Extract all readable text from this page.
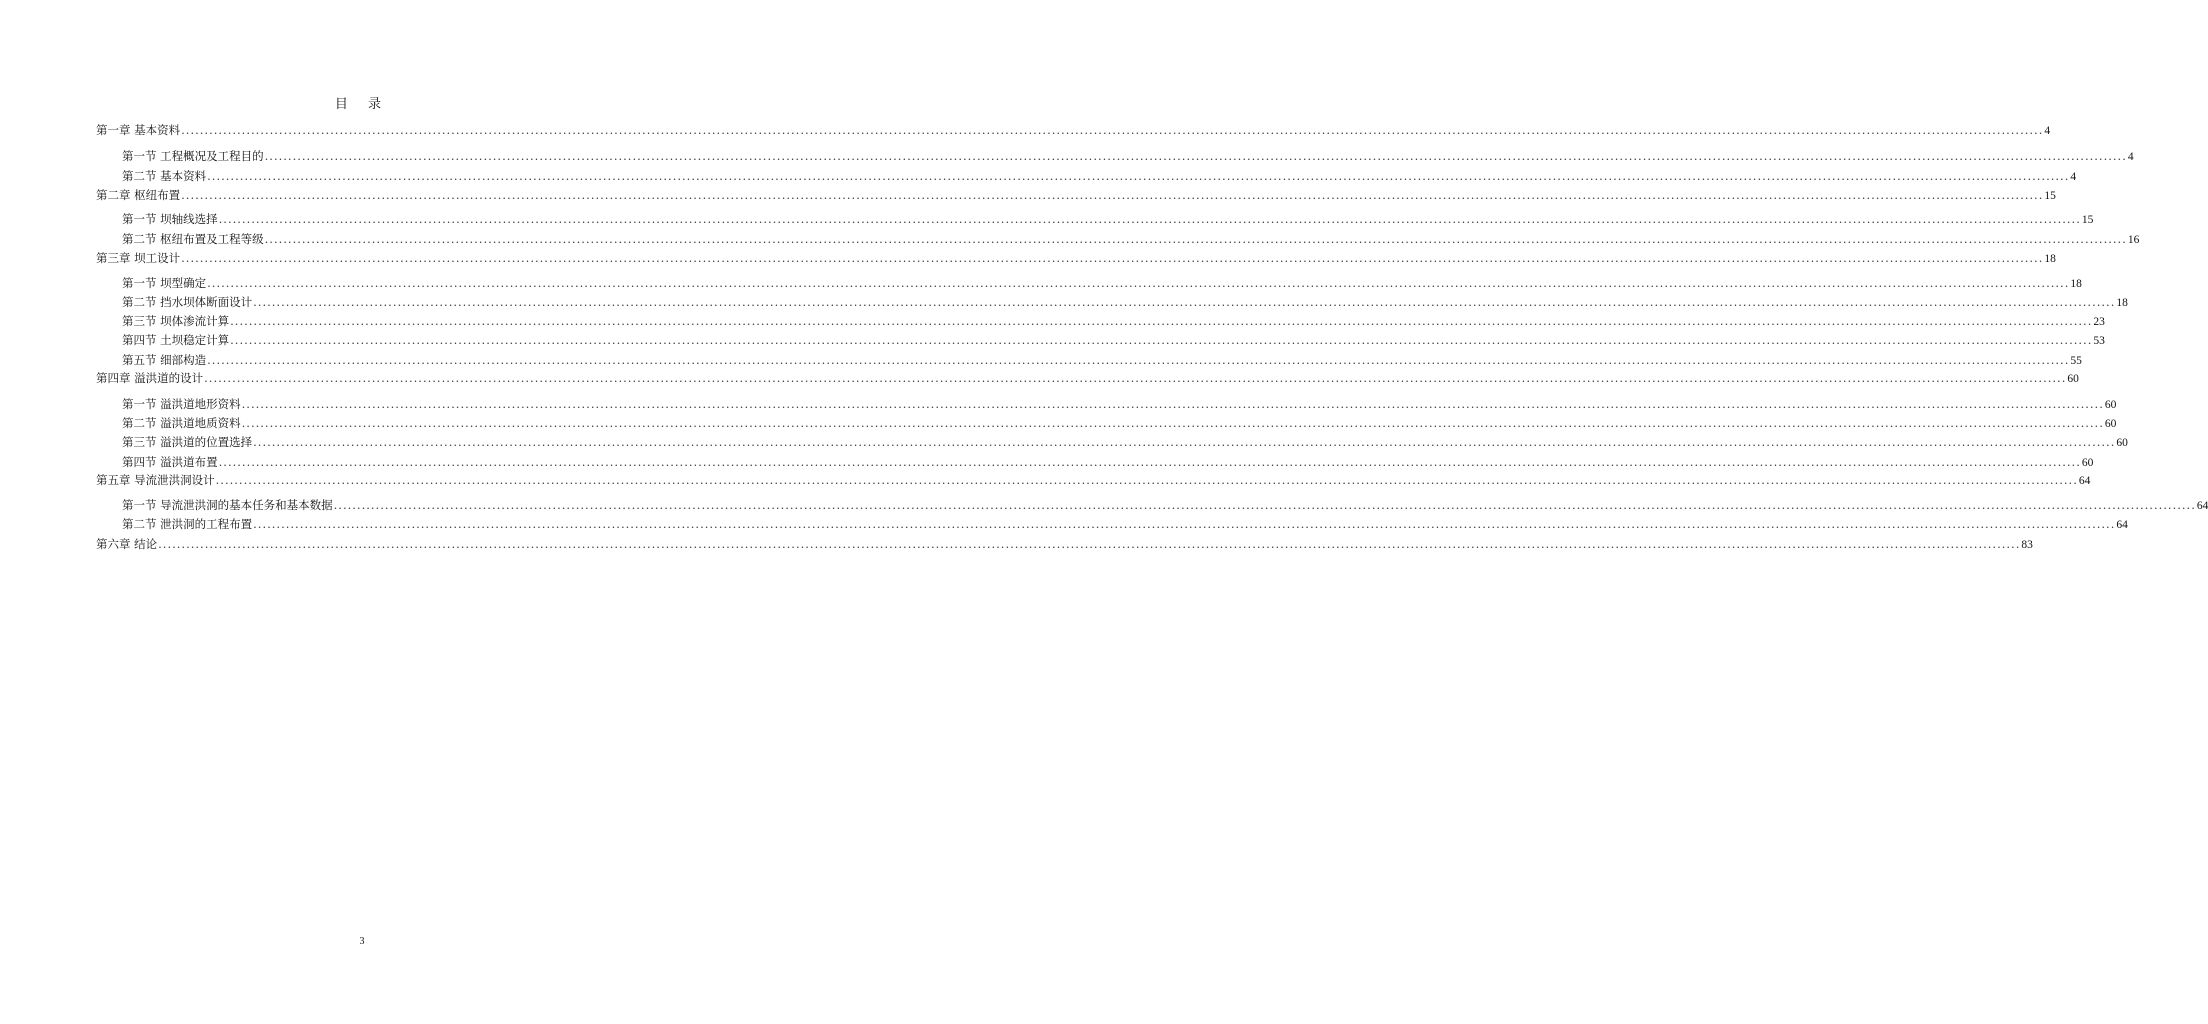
目 录
第一章 基本资料 ................................................................................................................................................................................................................................................................................................................................................................................................................ 4
第一节 工程概况及工程目的 ................................................................................................................................................................................................................................................................................................................................................................................................................ 4
第二节 基本资料 ................................................................................................................................................................................................................................................................................................................................................................................................................ 4
第二章 枢纽布置 ................................................................................................................................................................................................................................................................................................................................................................................................................ 15
第一节 坝轴线选择 ................................................................................................................................................................................................................................................................................................................................................................................................................ 15
第二节 枢纽布置及工程等级 ................................................................................................................................................................................................................................................................................................................................................................................................................ 16
第三章 坝工设计 ................................................................................................................................................................................................................................................................................................................................................................................................................ 18
第一节 坝型确定 ................................................................................................................................................................................................................................................................................................................................................................................................................ 18
第二节 挡水坝体断面设计 ................................................................................................................................................................................................................................................................................................................................................................................................................ 18
第三节 坝体渗流计算 ................................................................................................................................................................................................................................................................................................................................................................................................................ 23
第四节 土坝稳定计算 ................................................................................................................................................................................................................................................................................................................................................................................................................ 53
第五节 细部构造 ................................................................................................................................................................................................................................................................................................................................................................................................................ 55
第四章 溢洪道的设计 ................................................................................................................................................................................................................................................................................................................................................................................................................ 60
第一节 溢洪道地形资料 ................................................................................................................................................................................................................................................................................................................................................................................................................ 60
第二节 溢洪道地质资料 ................................................................................................................................................................................................................................................................................................................................................................................................................ 60
第三节 溢洪道的位置选择 ................................................................................................................................................................................................................................................................................................................................................................................................................ 60
第四节 溢洪道布置 ................................................................................................................................................................................................................................................................................................................................................................................................................ 60
第五章 导流泄洪洞设计 ................................................................................................................................................................................................................................................................................................................................................................................................................ 64
第一节 导流泄洪洞的基本任务和基本数据 ................................................................................................................................................................................................................................................................................................................................................................................................................ 64
第二节 泄洪洞的工程布置 ................................................................................................................................................................................................................................................................................................................................................................................................................ 64
第六章 结论 ................................................................................................................................................................................................................................................................................................................................................................................................................ 83
3
